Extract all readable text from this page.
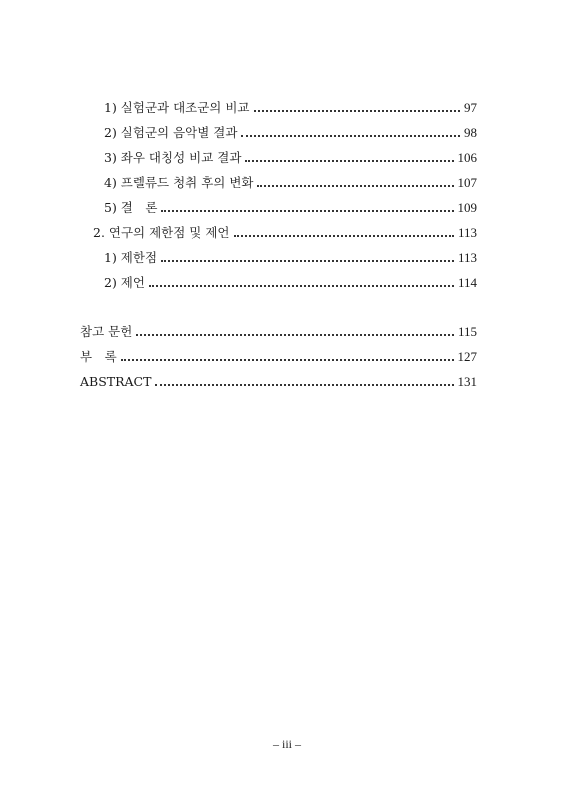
1) 실험군과 대조군의 비교	97
2) 실험군의 음악별 결과	98
3) 좌우 대칭성 비교 결과	106
4) 프렐류드 청취 후의 변화	107
5) 결　론	109
2. 연구의 제한점 및 제언	113
1) 제한점	113
2) 제언	114
참고 문헌	115
부　록	127
ABSTRACT	131
– iii –
